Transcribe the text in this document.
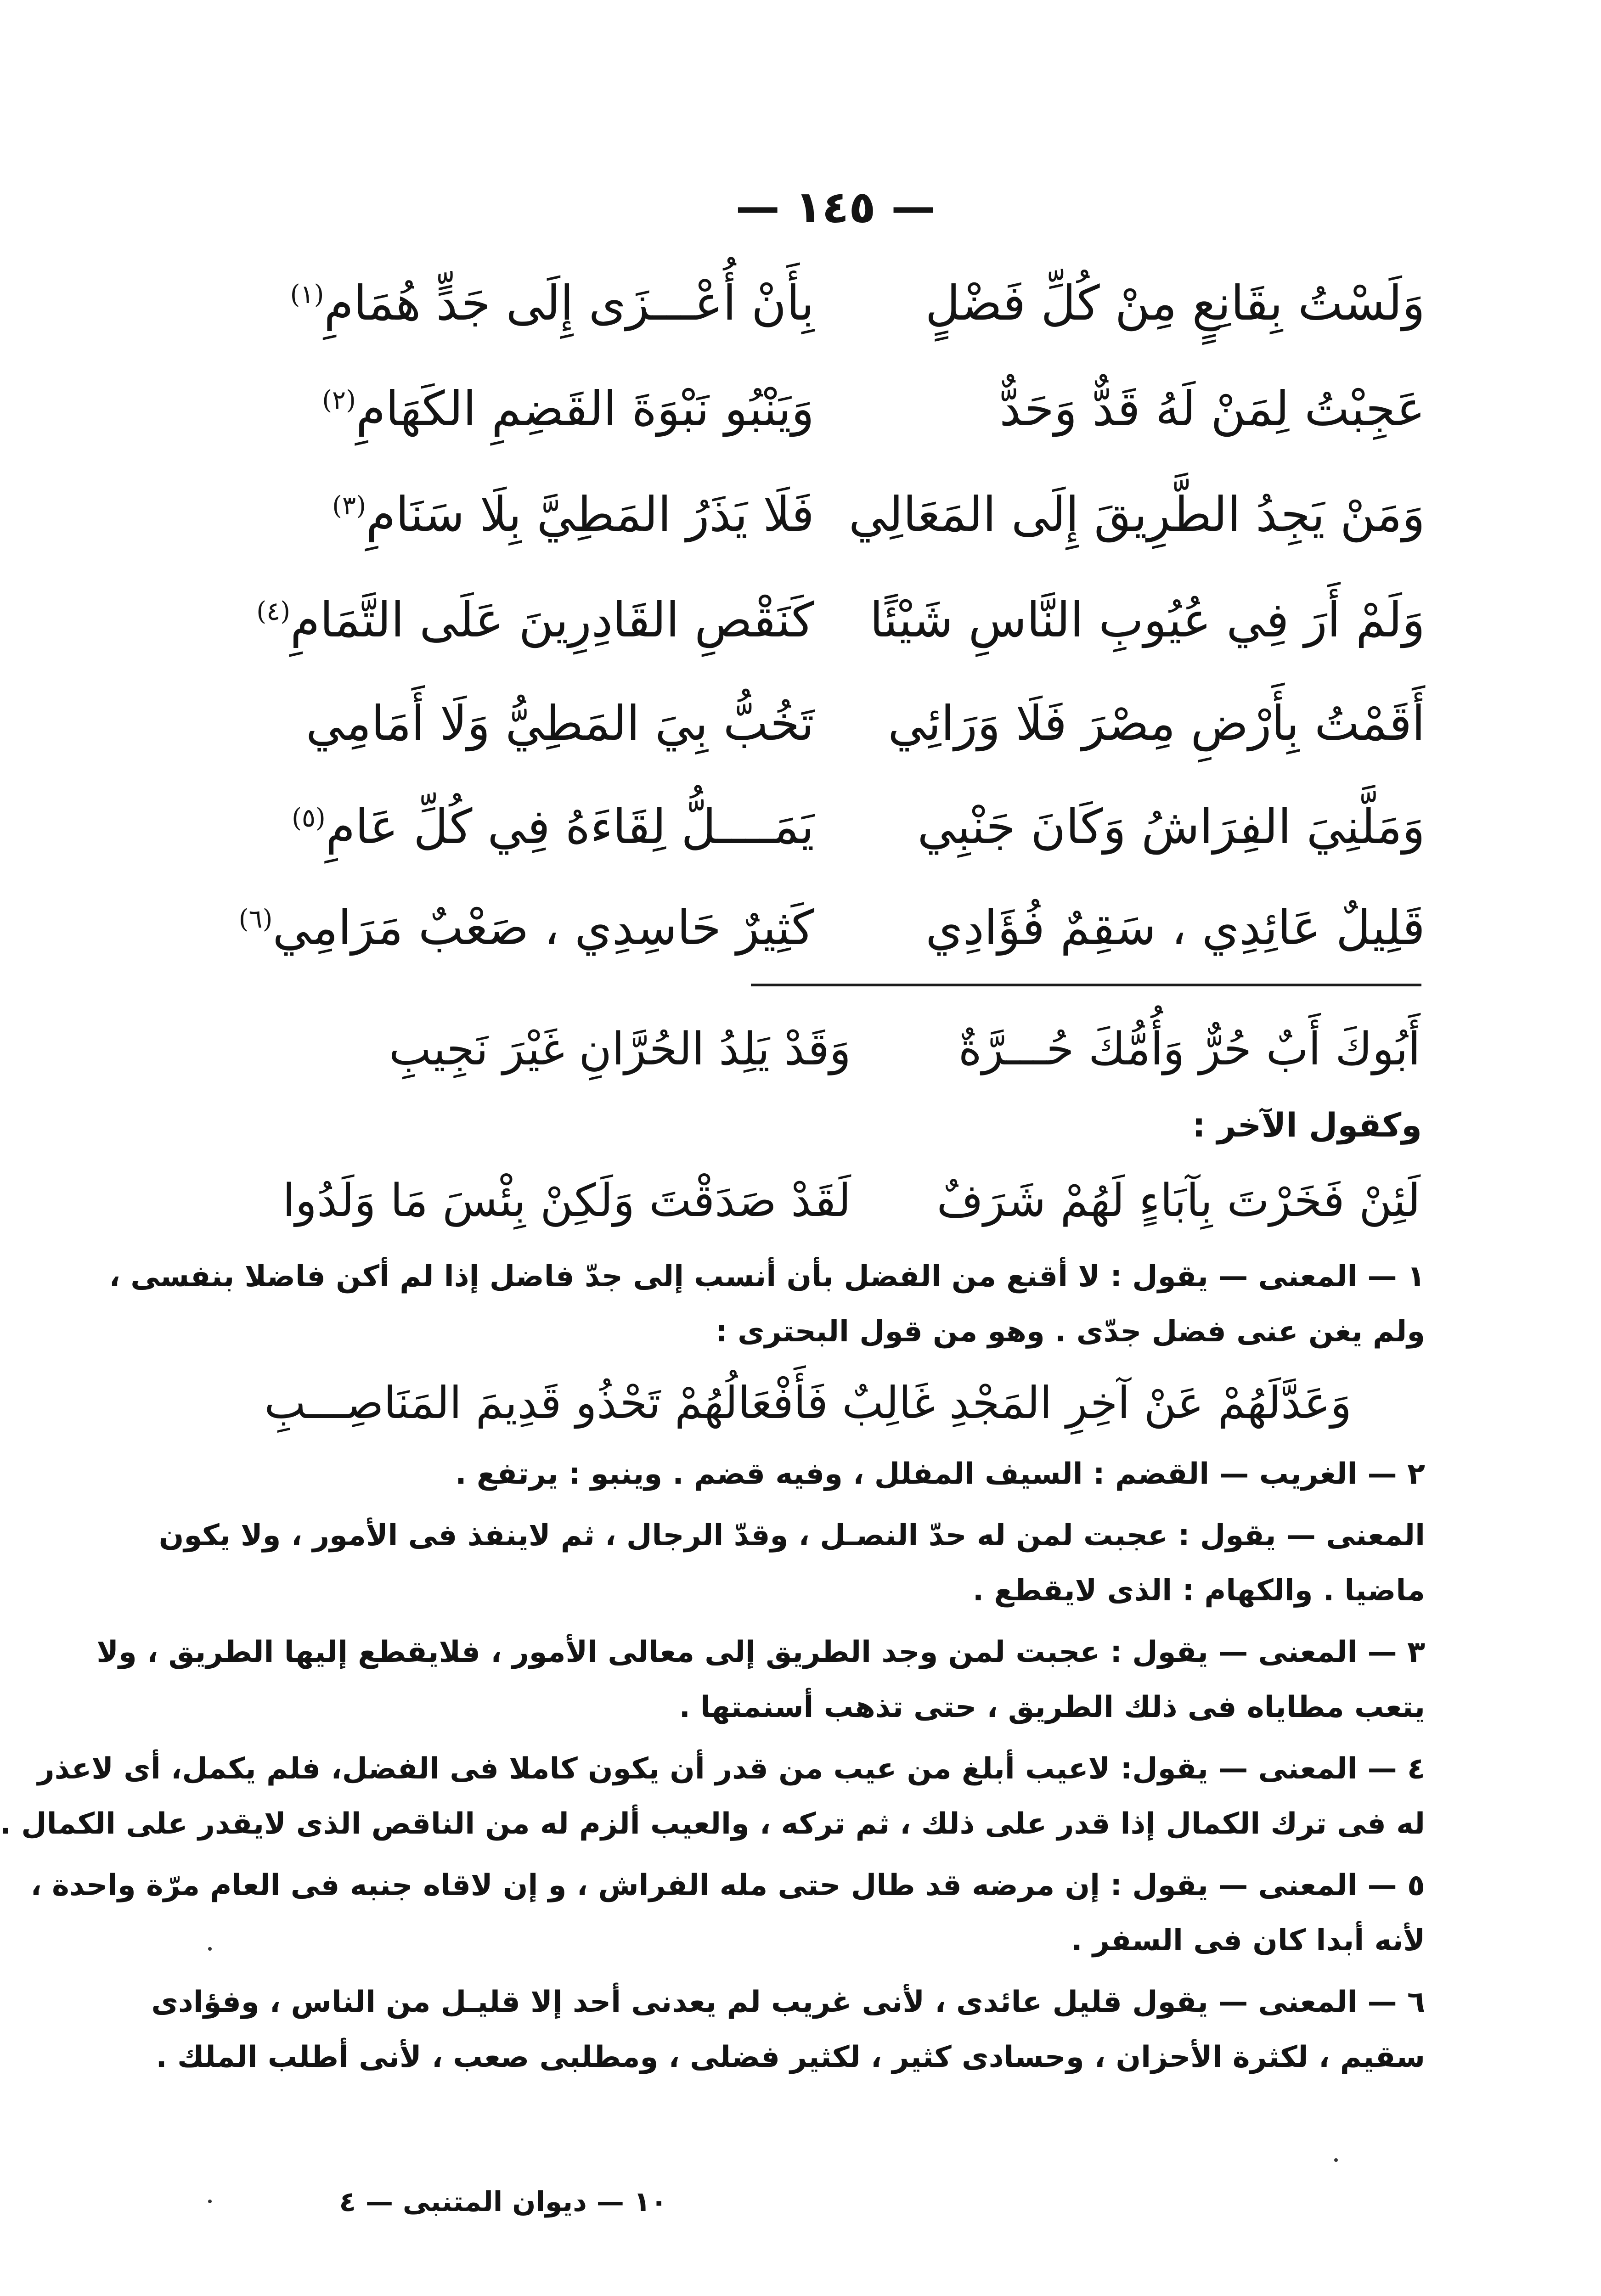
— ١٤٥ —
وَلَسْتُ بِقَانِعٍ مِنْ كُلِّ فَضْلٍ
بِأَنْ أُعْـــزَى إِلَى جَدٍّ هُمَامِ$^{(١)}$
عَجِبْتُ لِمَنْ لَهُ قَدٌّ وَحَدٌّ
وَيَنْبُو نَبْوَةَ القَضِمِ الكَهَامِ$^{(٢)}$
وَمَنْ يَجِدُ الطَّرِيقَ إِلَى المَعَالِي
فَلَا يَذَرُ المَطِيَّ بِلَا سَنَامِ$^{(٣)}$
وَلَمْ أَرَ فِي عُيُوبِ النَّاسِ شَيْئًا
كَنَقْصِ القَادِرِينَ عَلَى التَّمَامِ$^{(٤)}$
أَقَمْتُ بِأَرْضِ مِصْرَ فَلَا وَرَائِي
تَخُبُّ بِيَ المَطِيُّ وَلَا أَمَامِي
وَمَلَّنِيَ الفِرَاشُ وَكَانَ جَنْبِي
يَمَــــلُّ لِقَاءَهُ فِي كُلِّ عَامِ$^{(٥)}$
قَلِيلٌ عَائِدِي ، سَقِمٌ فُؤَادِي
كَثِيرٌ حَاسِدِي ، صَعْبٌ مَرَامِي$^{(٦)}$
أَبُوكَ أَبٌ حُرٌّ وَأُمُّكَ حُـــرَّةٌ
وَقَدْ يَلِدُ الحُرَّانِ غَيْرَ نَجِيبِ
وكقول الآخر :
لَئِنْ فَخَرْتَ بِآبَاءٍ لَهُمْ شَرَفٌ
لَقَدْ صَدَقْتَ وَلَكِنْ بِئْسَ مَا وَلَدُوا
١ — المعنى — يقول : لا أقنع من الفضل بأن أنسب إلى جدّ فاضل إذا لم أكن فاضلا بنفسى ،
ولم يغن عنى فضل جدّى . وهو من قول البحترى :
وَعَدَّلَهُمْ عَنْ آخِرِ المَجْدِ غَالِبٌ
فَأَفْعَالُهُمْ تَحْذُو قَدِيمَ المَنَاصِـــبِ
٢ — الغريب — القضم : السيف المفلل ، وفيه قضم . وينبو : يرتفع .
المعنى — يقول : عجبت لمن له حدّ النصـل ، وقدّ الرجال ، ثم لاينفذ فى الأمور ، ولا يكون
ماضيا . والكهام : الذى لايقطع .
٣ — المعنى — يقول : عجبت لمن وجد الطريق إلى معالى الأمور ، فلايقطع إليها الطريق ، ولا
يتعب مطاياه فى ذلك الطريق ، حتى تذهب أسنمتها .
٤ — المعنى — يقول: لاعيب أبلغ من عيب من قدر أن يكون كاملا فى الفضل، فلم يكمل، أى لاعذر
له فى ترك الكمال إذا قدر على ذلك ، ثم تركه ، والعيب ألزم له من الناقص الذى لايقدر على الكمال .
٥ — المعنى — يقول : إن مرضه قد طال حتى مله الفراش ، و إن لاقاه جنبه فى العام مرّة واحدة ،
لأنه أبدا كان فى السفر .
٦ — المعنى — يقول قليل عائدى ، لأنى غريب لم يعدنى أحد إلا قليـل من الناس ، وفؤادى
سقيم ، لكثرة الأحزان ، وحسادى كثير ، لكثير فضلى ، ومطلبى صعب ، لأنى أطلب الملك .
١٠ — ديوان المتنبى — ٤
